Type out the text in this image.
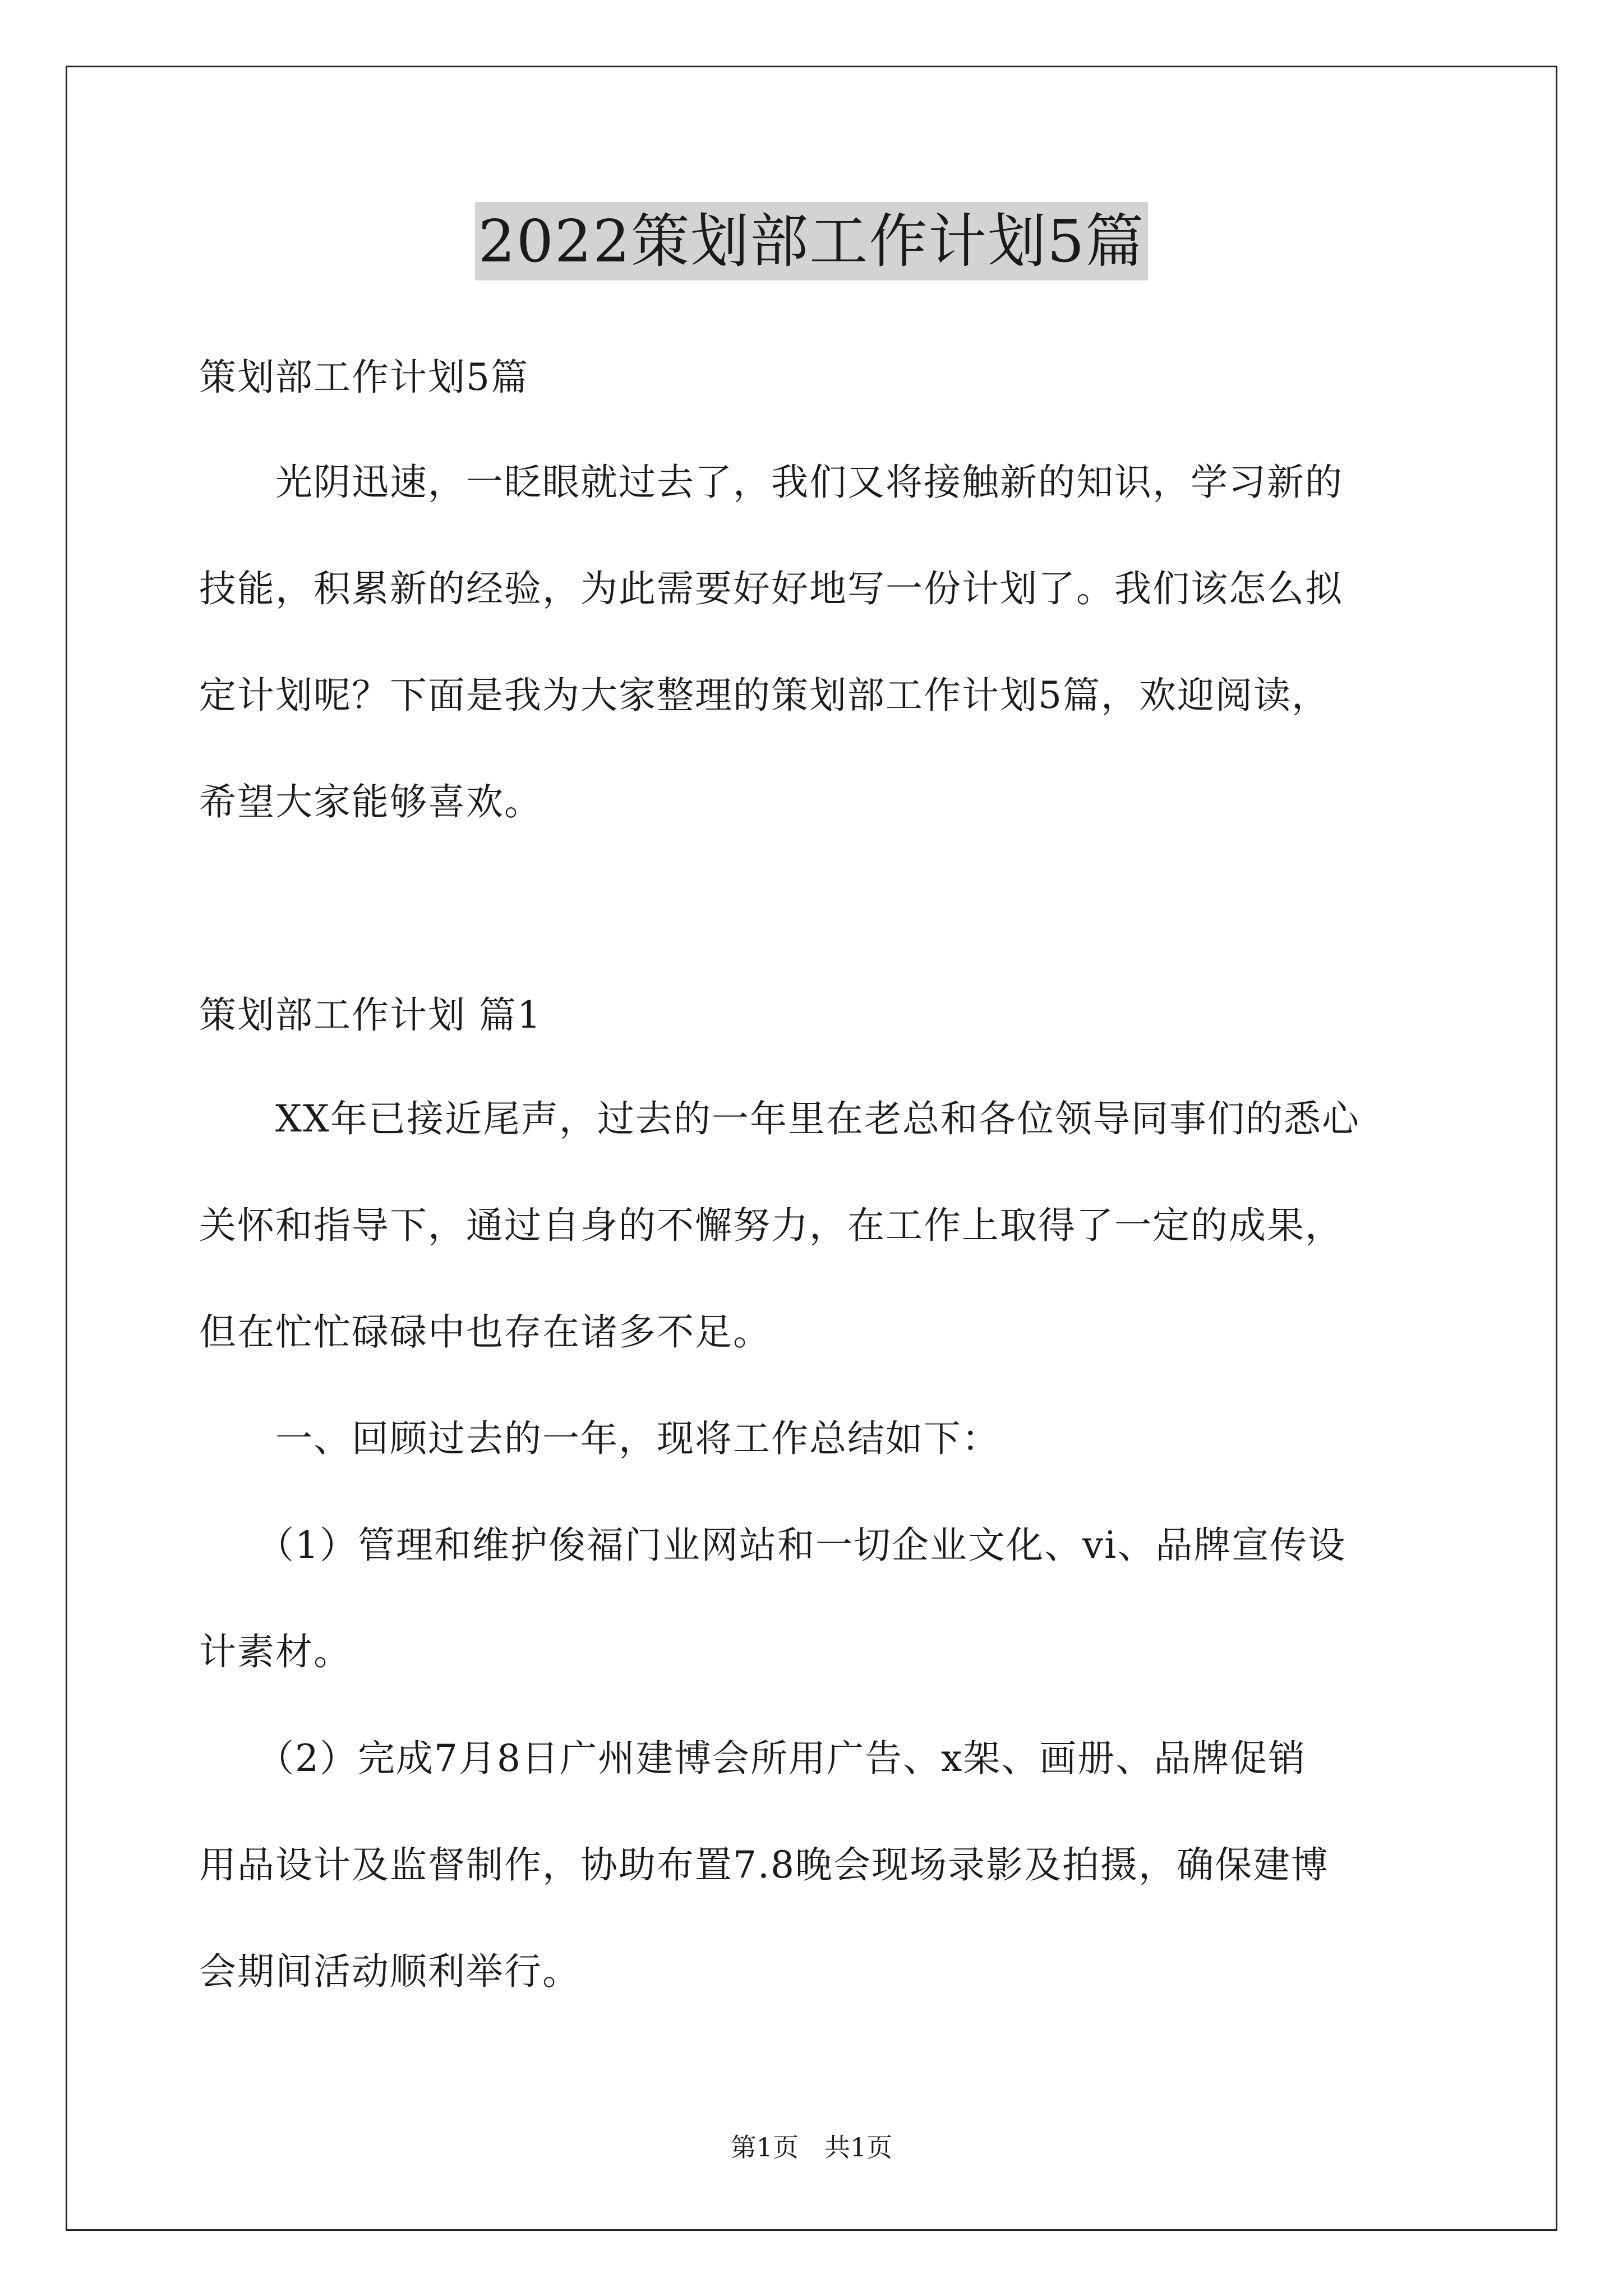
2022策划部工作计划5篇
策划部工作计划5篇
　　光阴迅速，一眨眼就过去了，我们又将接触新的知识，学习新的
技能，积累新的经验，为此需要好好地写一份计划了。我们该怎么拟
定计划呢？下面是我为大家整理的策划部工作计划5篇，欢迎阅读，
希望大家能够喜欢。
策划部工作计划 篇1
　　XX年已接近尾声，过去的一年里在老总和各位领导同事们的悉心
关怀和指导下，通过自身的不懈努力，在工作上取得了一定的成果，
但在忙忙碌碌中也存在诸多不足。
　　一、回顾过去的一年，现将工作总结如下：
　　（1）管理和维护俊福门业网站和一切企业文化、vi、品牌宣传设
计素材。
　　（2）完成7月8日广州建博会所用广告、x架、画册、品牌促销
用品设计及监督制作，协助布置7.8晚会现场录影及拍摄，确保建博
会期间活动顺利举行。
第1页　共1页
